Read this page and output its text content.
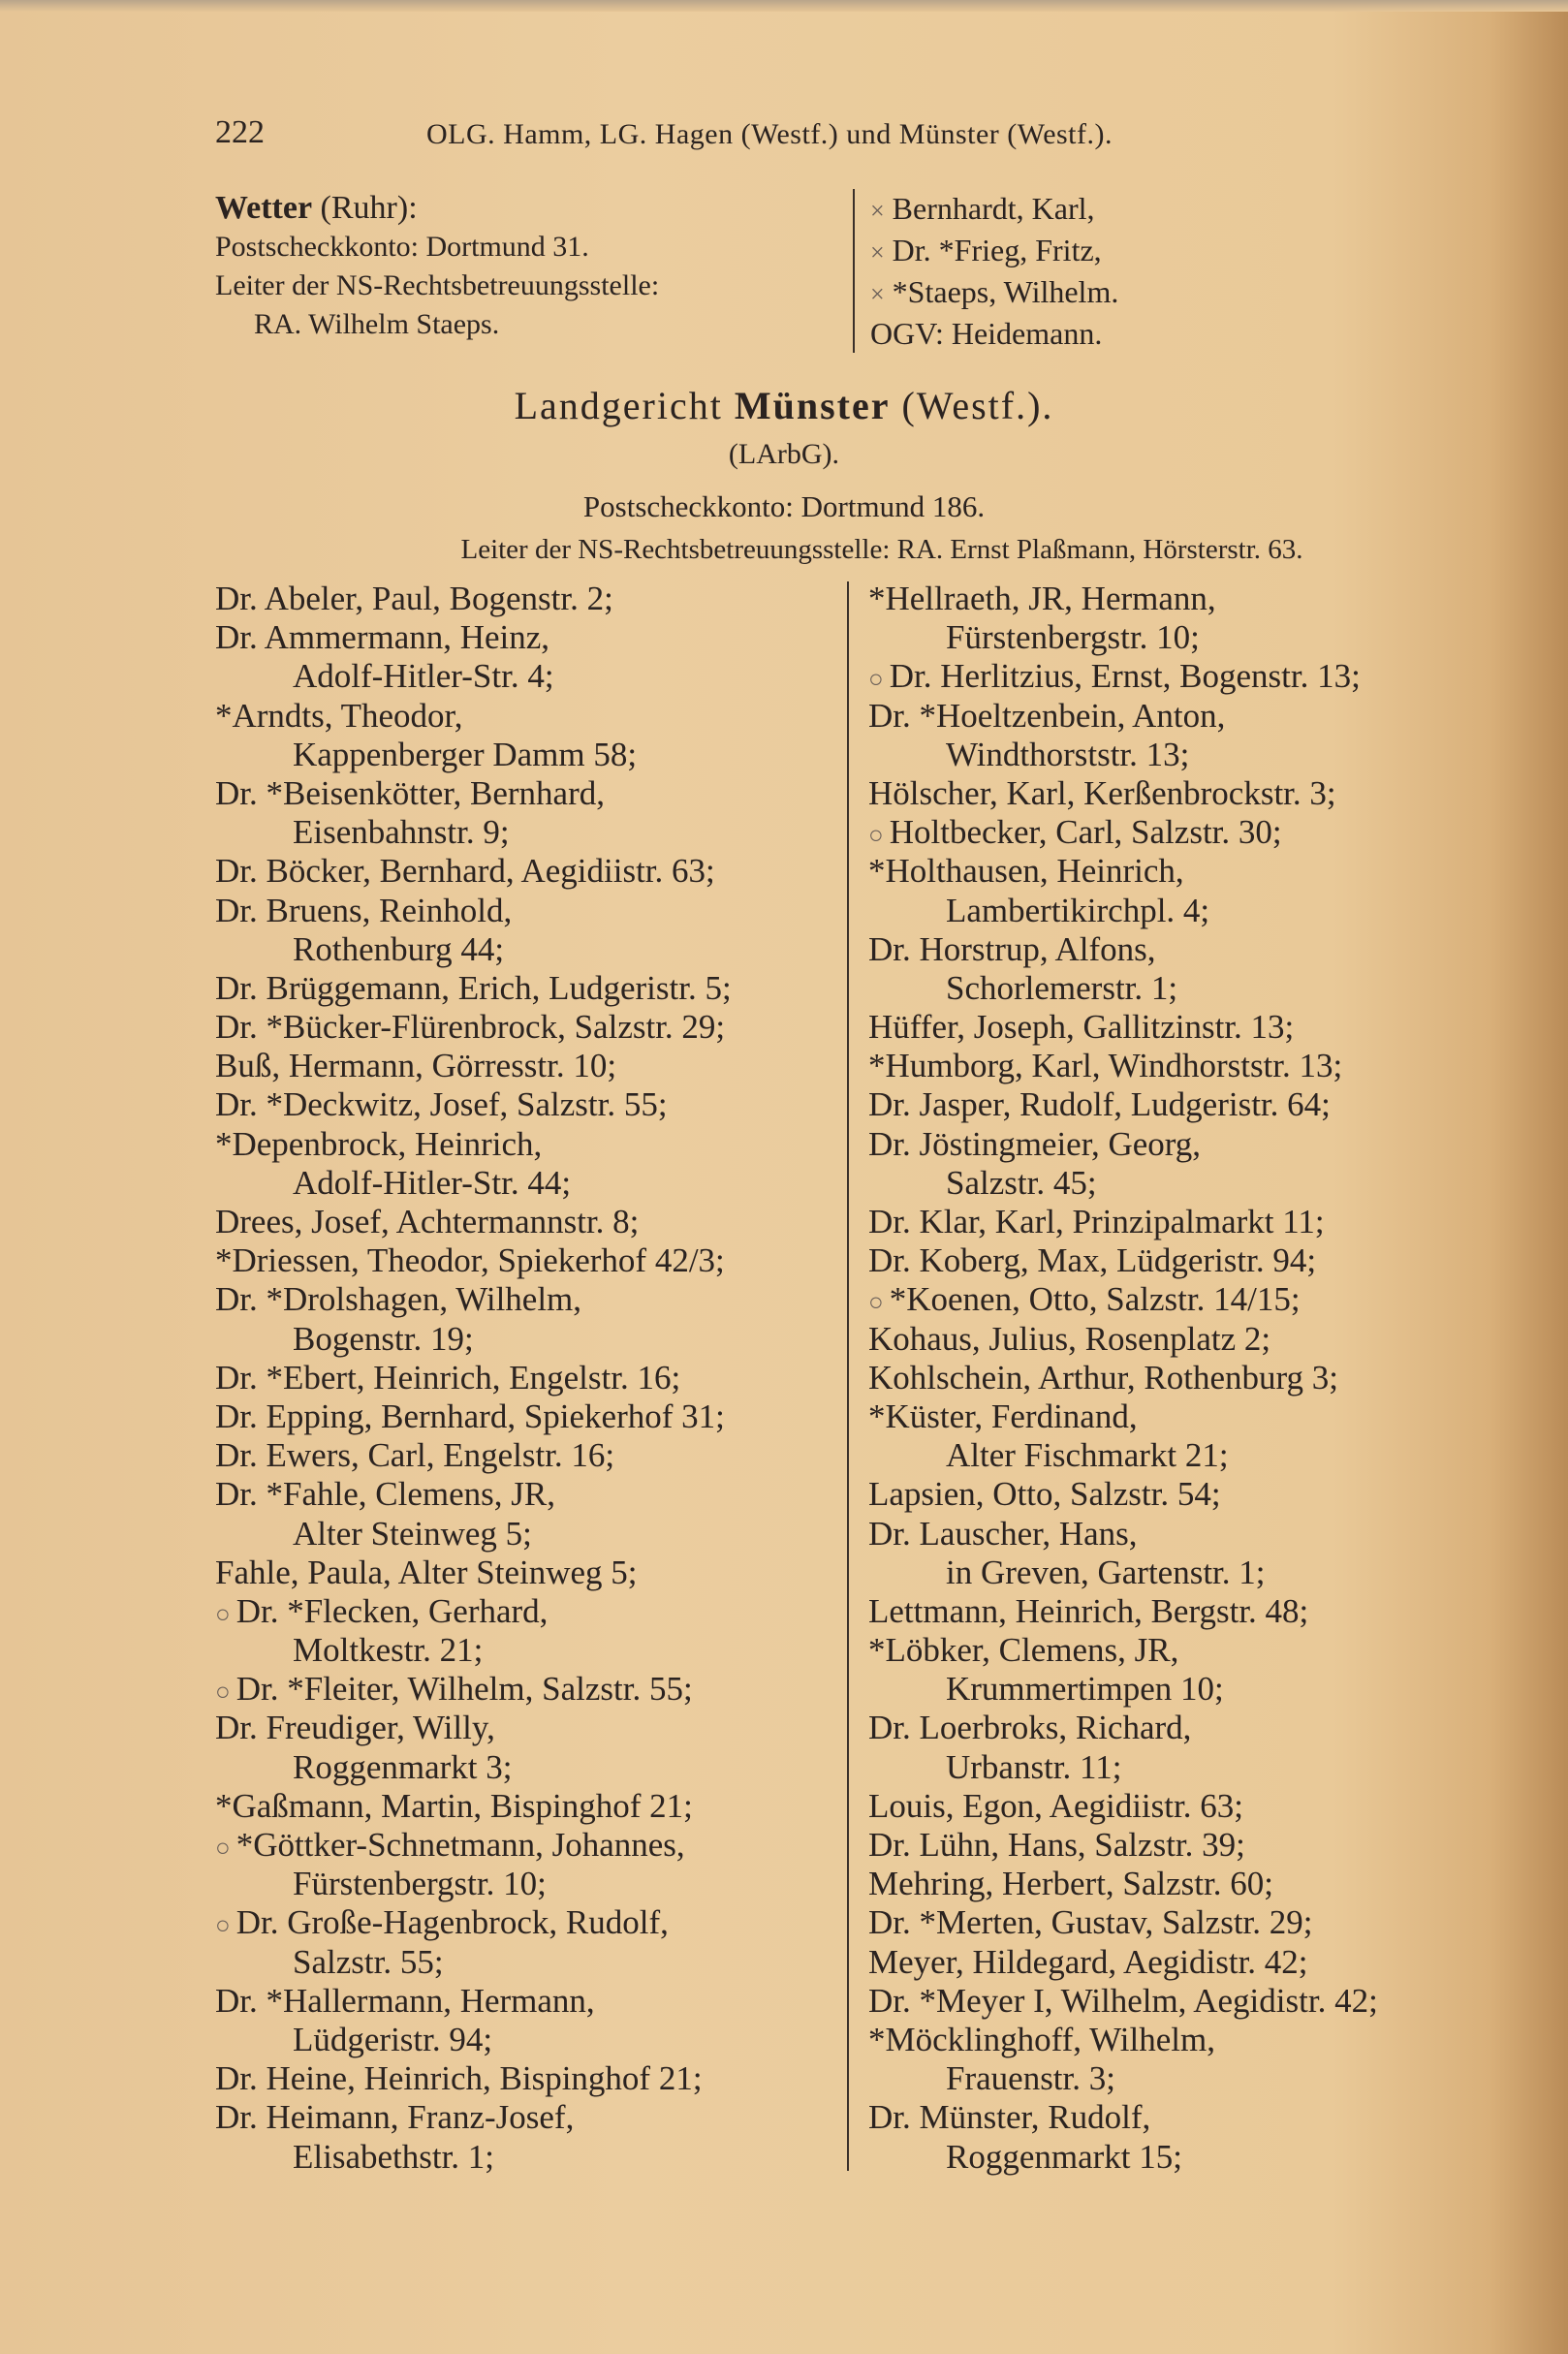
222	OLG. Hamm, LG. Hagen (Westf.) und Münster (Westf.).
Wetter (Ruhr):
Postscheckkonto: Dortmund 31.
Leiter der NS-Rechtsbetreuungsstelle:
RA. Wilhelm Staeps.
× Bernhardt, Karl,
× Dr. *Frieg, Fritz,
× *Staeps, Wilhelm.
OGV: Heidemann.
Landgericht Münster (Westf.).
(LArbG).
Postscheckkonto: Dortmund 186.
Leiter der NS-Rechtsbetreuungsstelle: RA. Ernst Plaßmann, Hörsterstr. 63.
Dr. Abeler, Paul, Bogenstr. 2;
Dr. Ammermann, Heinz,
Adolf-Hitler-Str. 4;
*Arndts, Theodor,
Kappenberger Damm 58;
Dr. *Beisenkötter, Bernhard,
Eisenbahnstr. 9;
Dr. Böcker, Bernhard, Aegidiistr. 63;
Dr. Bruens, Reinhold,
Rothenburg 44;
Dr. Brüggemann, Erich, Ludgeristr. 5;
Dr. *Bücker-Flürenbrock, Salzstr. 29;
Buß, Hermann, Görresstr. 10;
Dr. *Deckwitz, Josef, Salzstr. 55;
*Depenbrock, Heinrich,
Adolf-Hitler-Str. 44;
Drees, Josef, Achtermannstr. 8;
*Driessen, Theodor, Spiekerhof 42/3;
Dr. *Drolshagen, Wilhelm,
Bogenstr. 19;
Dr. *Ebert, Heinrich, Engelstr. 16;
Dr. Epping, Bernhard, Spiekerhof 31;
Dr. Ewers, Carl, Engelstr. 16;
Dr. *Fahle, Clemens, JR,
Alter Steinweg 5;
Fahle, Paula, Alter Steinweg 5;
○ Dr. *Flecken, Gerhard,
Moltkestr. 21;
○ Dr. *Fleiter, Wilhelm, Salzstr. 55;
Dr. Freudiger, Willy,
Roggenmarkt 3;
*Gaßmann, Martin, Bispinghof 21;
○ *Göttker-Schnetmann, Johannes,
Fürstenbergstr. 10;
○ Dr. Große-Hagenbrock, Rudolf,
Salzstr. 55;
Dr. *Hallermann, Hermann,
Lüdgeristr. 94;
Dr. Heine, Heinrich, Bispinghof 21;
Dr. Heimann, Franz-Josef,
Elisabethstr. 1;
*Hellraeth, JR, Hermann,
Fürstenbergstr. 10;
○ Dr. Herlitzius, Ernst, Bogenstr. 13;
Dr. *Hoeltzenbein, Anton,
Windthorststr. 13;
Hölscher, Karl, Kerßenbrockstr. 3;
○ Holtbecker, Carl, Salzstr. 30;
*Holthausen, Heinrich,
Lambertikirchpl. 4;
Dr. Horstrup, Alfons,
Schorlemerstr. 1;
Hüffer, Joseph, Gallitzinstr. 13;
*Humborg, Karl, Windhorststr. 13;
Dr. Jasper, Rudolf, Ludgeristr. 64;
Dr. Jöstingmeier, Georg,
Salzstr. 45;
Dr. Klar, Karl, Prinzipalmarkt 11;
Dr. Koberg, Max, Lüdgeristr. 94;
○ *Koenen, Otto, Salzstr. 14/15;
Kohaus, Julius, Rosenplatz 2;
Kohlschein, Arthur, Rothenburg 3;
*Küster, Ferdinand,
Alter Fischmarkt 21;
Lapsien, Otto, Salzstr. 54;
Dr. Lauscher, Hans,
in Greven, Gartenstr. 1;
Lettmann, Heinrich, Bergstr. 48;
*Löbker, Clemens, JR,
Krummertimpen 10;
Dr. Loerbroks, Richard,
Urbanstr. 11;
Louis, Egon, Aegidiistr. 63;
Dr. Lühn, Hans, Salzstr. 39;
Mehring, Herbert, Salzstr. 60;
Dr. *Merten, Gustav, Salzstr. 29;
Meyer, Hildegard, Aegidistr. 42;
Dr. *Meyer I, Wilhelm, Aegidistr. 42;
*Möcklinghoff, Wilhelm,
Frauenstr. 3;
Dr. Münster, Rudolf,
Roggenmarkt 15;
